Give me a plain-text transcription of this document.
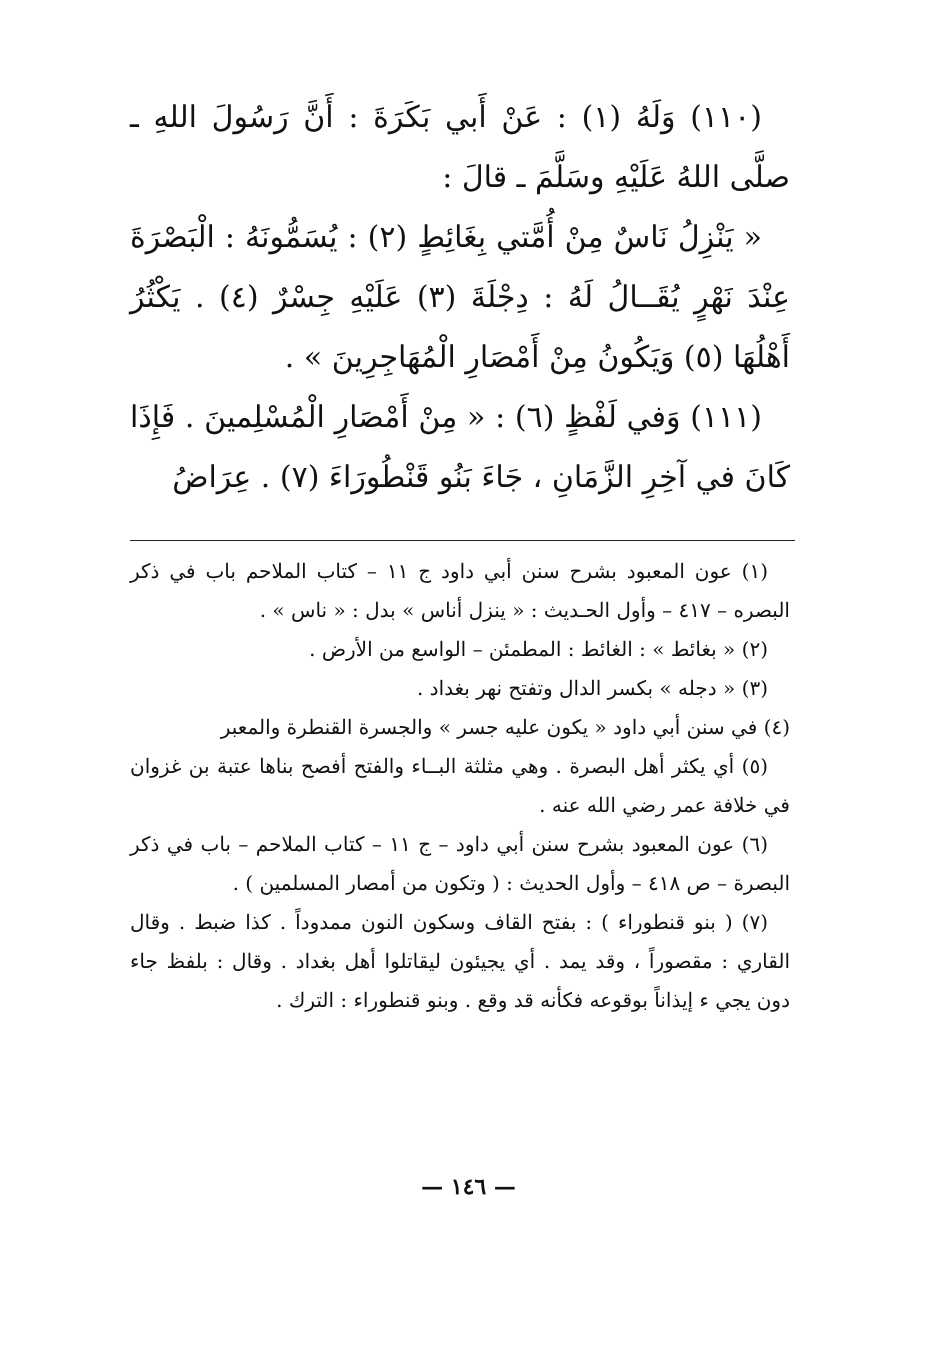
(١١٠) وَلَهُ (١) : عَنْ أَبي بَكَرَةَ : أَنَّ رَسُولَ اللهِ ـ صلَّى اللهُ عَلَيْهِ وسَلَّمَ ـ قالَ :

« يَنْزِلُ نَاسٌ مِنْ أُمَّتي بِغَائِطٍ (٢) : يُسَمُّونَهُ : الْبَصْرَةَ عِنْدَ نَهْرٍ يُقَــالُ لَهُ : دِجْلَةَ (٣) عَلَيْهِ جِسْرٌ (٤) . يَكْثُرُ أَهْلُهَا (٥) وَيَكُونُ مِنْ أَمْصَارِ الْمُهَاجِرِينَ » .

(١١١) وَفي لَفْظٍ (٦) : « مِنْ أَمْصَارِ الْمُسْلِمينَ . فَإِذَا كَانَ في آخِرِ الزَّمَانِ ، جَاءَ بَنُو قَنْطُورَاءَ (٧) . عِرَاضُ

(١) عون المعبود بشرح سنن أبي داود ج ١١ – كتاب الملاحم باب في ذكر البصره – ٤١٧ – وأول الحـديث : « ينزل أناس » بدل : « ناس » .

(٢) « بغائط » : الغائط : المطمئن – الواسع من الأرض .

(٣) « دجله » بكسر الدال وتفتح نهر بغداد .

(٤) في سنن أبي داود « يكون عليه جسر » والجسرة القنطرة والمعبر

(٥) أي يكثر أهل البصرة . وهي مثلثة البــاء والفتح أفصح بناها عتبة بن غزوان في خلافة عمر رضي الله عنه .

(٦) عون المعبود بشرح سنن أبي داود – ج ١١ – كتاب الملاحم – باب في ذكر البصرة – ص ٤١٨ – وأول الحديث : ( وتكون من أمصار المسلمين ) .

(٧) ( بنو قنطوراء ) : بفتح القاف وسكون النون ممدوداً . كذا ضبط . وقال القاري : مقصوراً ، وقد يمد . أي يجيئون ليقاتلوا أهل بغداد . وقال : بلفظ جاء دون يجي ء إيذاناً بوقوعه فكأنه قد وقع . وبنو قنطوراء : الترك .

— ١٤٦ —
